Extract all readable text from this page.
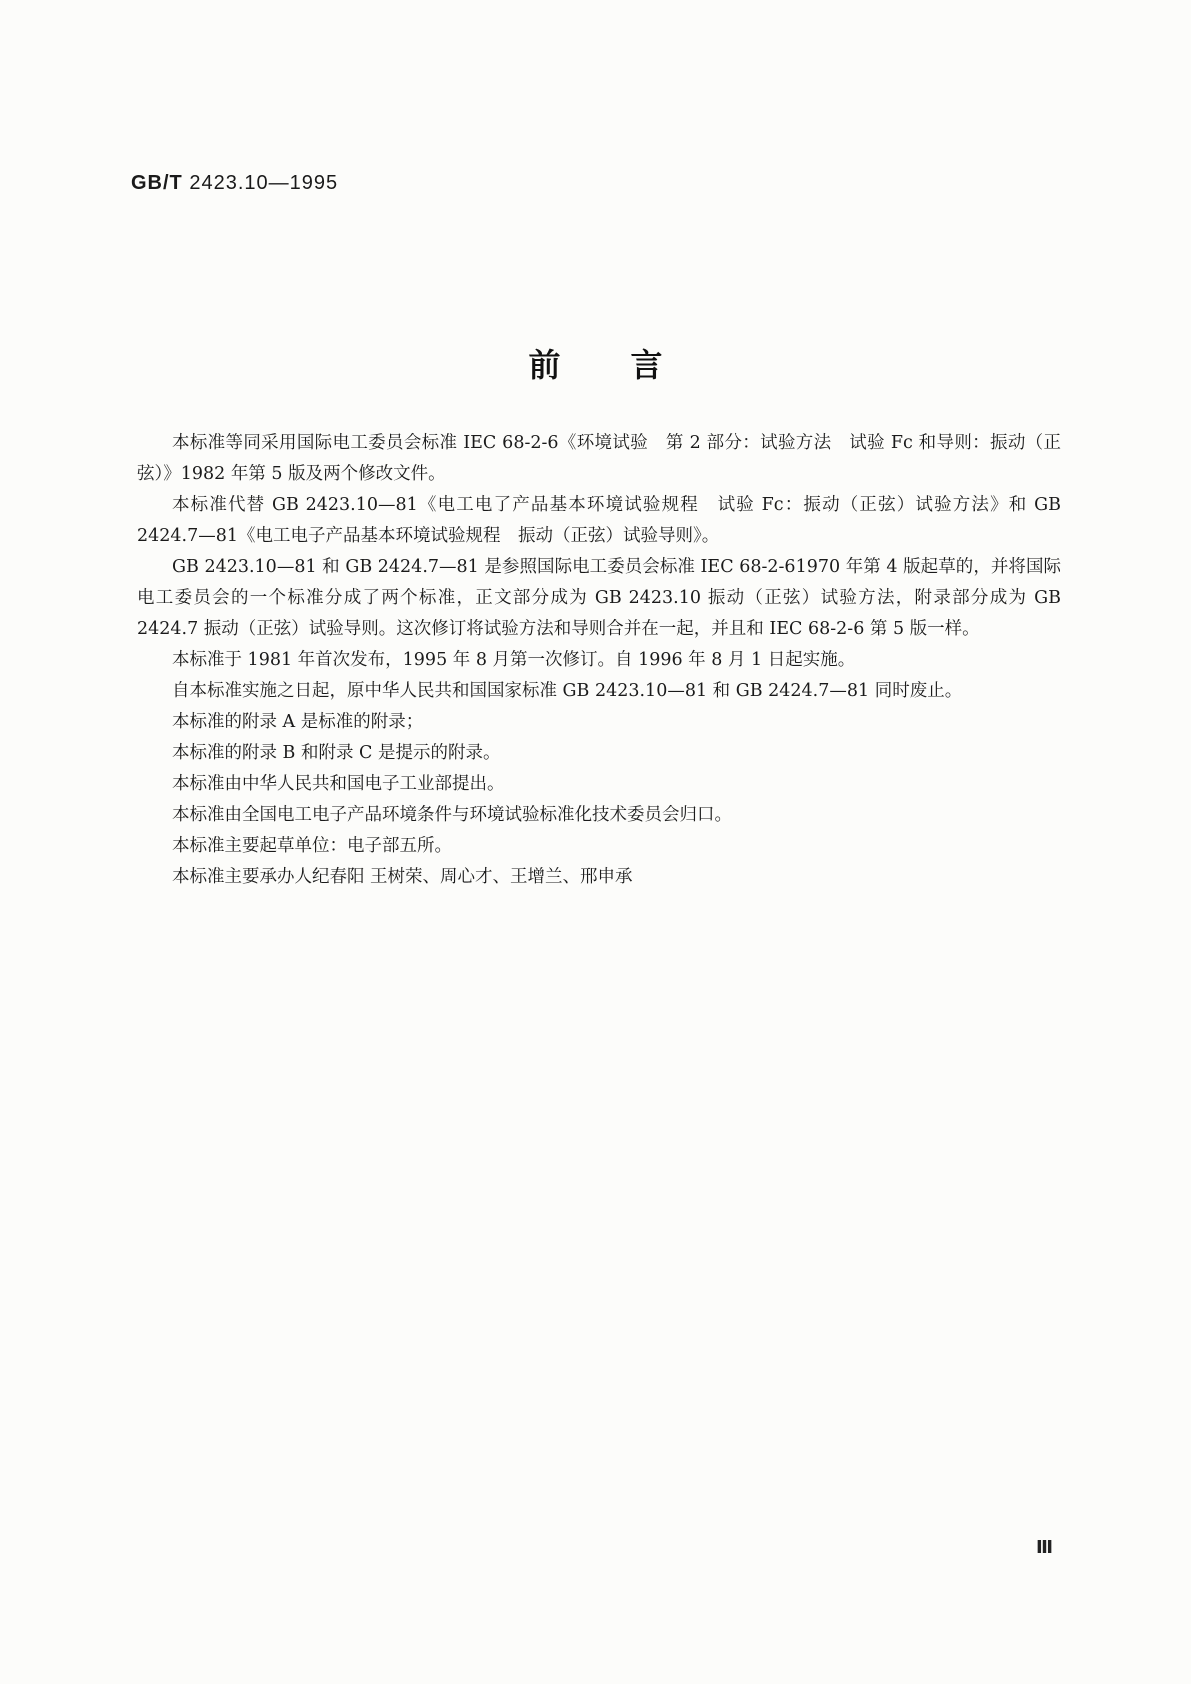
GB/T 2423.10—1995
前言

本标准等同采用国际电工委员会标准 IEC 68-2-6《环境试验　第 2 部分：试验方法　试验 Fc 和导则：振动（正弦）》1982 年第 5 版及两个修改文件。

本标准代替 GB 2423.10—81《电工电了产品基本环境试验规程　试验 Fc：振动（正弦）试验方法》和 GB 2424.7—81《电工电子产品基本环境试验规程　振动（正弦）试验导则》。

GB 2423.10—81 和 GB 2424.7—81 是参照国际电工委员会标准 IEC 68-2-61970 年第 4 版起草的，并将国际电工委员会的一个标准分成了两个标准，正文部分成为 GB 2423.10 振动（正弦）试验方法，附录部分成为 GB 2424.7 振动（正弦）试验导则。这次修订将试验方法和导则合并在一起，并且和 IEC 68-2-6 第 5 版一样。

本标准于 1981 年首次发布，1995 年 8 月第一次修订。自 1996 年 8 月 1 日起实施。

自本标准实施之日起，原中华人民共和国国家标准 GB 2423.10—81 和 GB 2424.7—81 同时废止。

本标准的附录 A 是标准的附录；

本标准的附录 B 和附录 C 是提示的附录。

本标准由中华人民共和国电子工业部提出。

本标准由全国电工电子产品环境条件与环境试验标准化技术委员会归口。

本标准主要起草单位：电子部五所。

本标准主要承办人纪春阳 王树荣、周心才、王增兰、邢申承

Ⅲ
